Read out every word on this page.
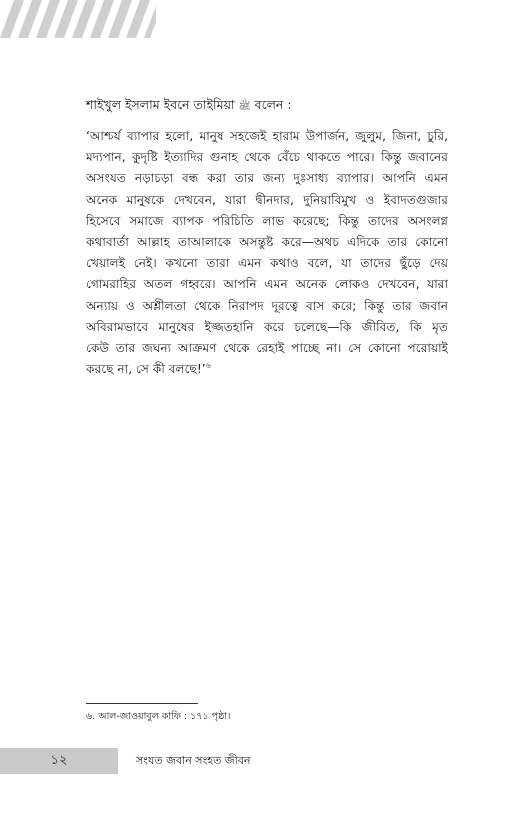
শাইখুল ইসলাম ইবনে তাইমিয়া ﷺ বলেন :
‘আশ্চর্য ব্যাপার হলো, মানুষ সহজেই হারাম উপার্জন, জুলুম, জিনা, চুরি,
মদ্যপান, কুদৃষ্টি ইত্যাদির গুনাহ থেকে বেঁচে থাকতে পারে। কিন্তু জবানের
অসংযত নড়াচড়া বন্ধ করা তার জন্য দুঃসাধ্য ব্যাপার। আপনি এমন
অনেক মানুষকে দেখবেন, যারা দ্বীনদার, দুনিয়াবিমুখ ও ইবাদতগুজার
হিসেবে সমাজে ব্যাপক পরিচিতি লাভ করেছে; কিন্তু তাদের অসংলগ্ন
কথাবার্তা আল্লাহ তাআলাকে অসন্তুষ্ট করে—অথচ এদিকে তার কোনো
খেয়ালই নেই। কখনো তারা এমন কথাও বলে, যা তাদের ছুঁড়ে দেয়
গোমরাহির অতল গহ্বরে। আপনি এমন অনেক লোকও দেখবেন, যারা
অন্যায় ও অশ্লীলতা থেকে নিরাপদ দূরত্বে বাস করে; কিন্তু তার জবান
অবিরামভাবে মানুষের ইজ্জতহানি করে চলেছে—কি জীবিত, কি মৃত
কেউ তার জঘন্য আক্রমণ থেকে রেহাই পাচ্ছে না। সে কোনো পরোয়াই
করছে না, সে কী বলছে!’$^৬$
৬. আল-জাওয়াবুল কাফি : ১৭১ পৃষ্ঠা।
১২	সংযত জবান সংহত জীবন
